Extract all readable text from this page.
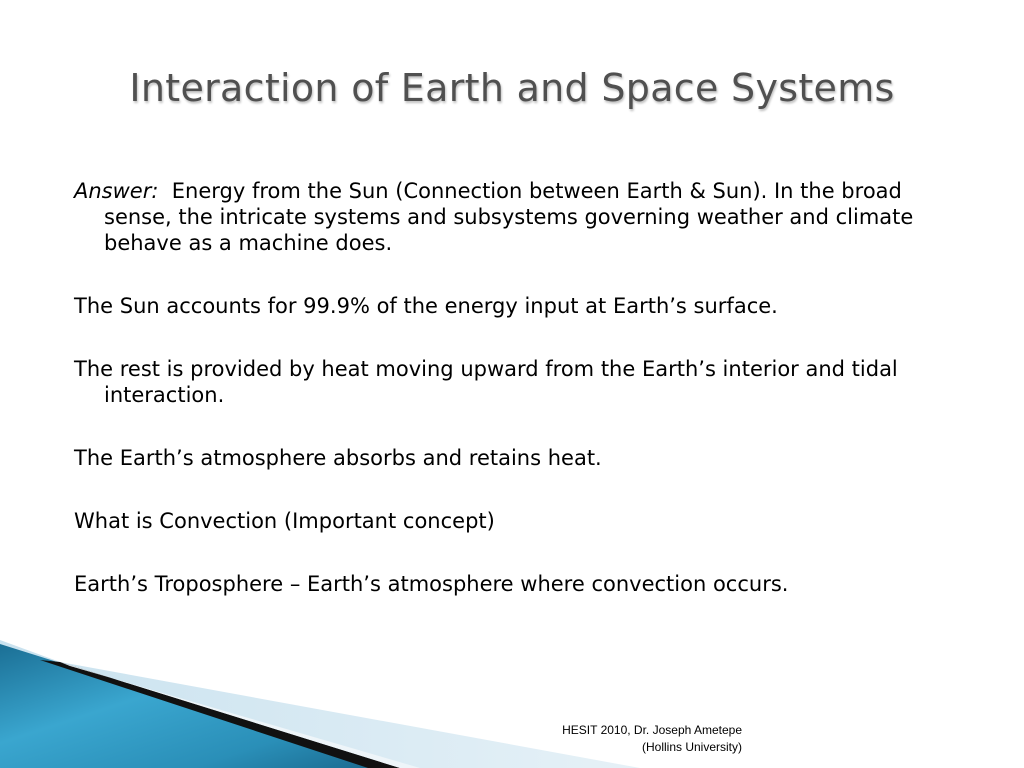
Interaction of Earth and Space Systems

Answer: Energy from the Sun (Connection between Earth & Sun). In the broad sense, the intricate systems and subsystems governing weather and climate behave as a machine does.

The Sun accounts for 99.9% of the energy input at Earth’s surface.

The rest is provided by heat moving upward from the Earth’s interior and tidal interaction.

The Earth’s atmosphere absorbs and retains heat.

What is Convection (Important concept)

Earth’s Troposphere – Earth’s atmosphere where convection occurs.

HESIT 2010, Dr. Joseph Ametepe
(Hollins University)
